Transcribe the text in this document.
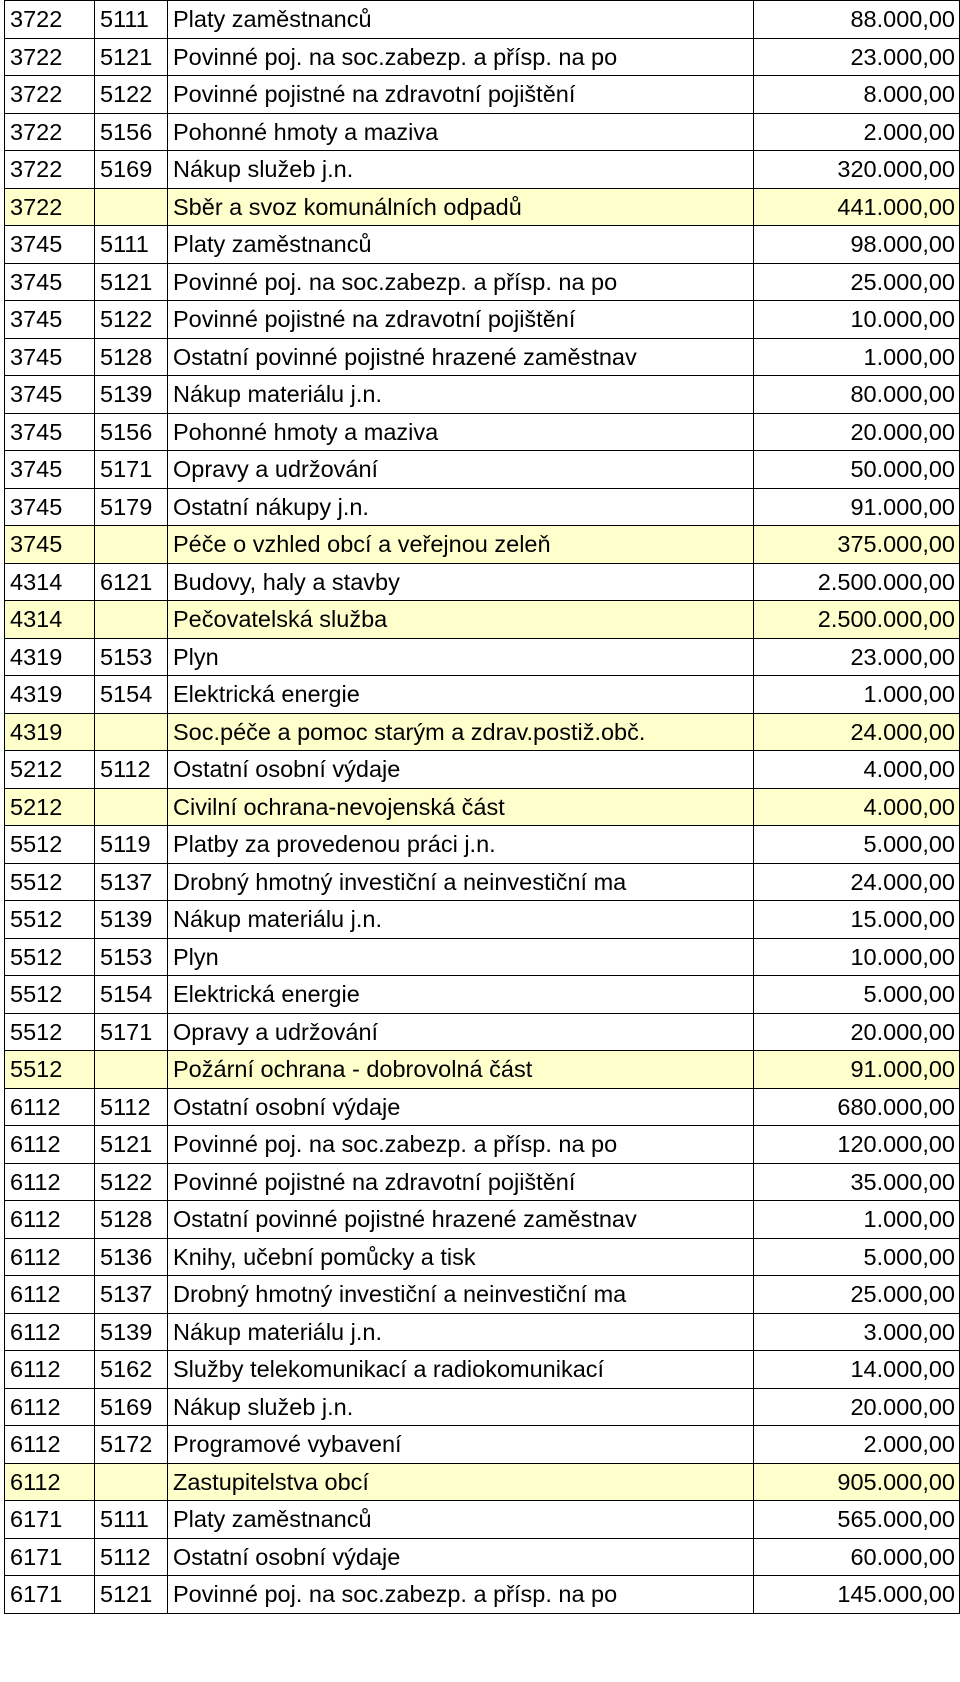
3722	5111	Platy zaměstnanců	88.000,00
3722	5121	Povinné poj. na soc.zabezp. a přísp. na po	23.000,00
3722	5122	Povinné pojistné na zdravotní pojištění	8.000,00
3722	5156	Pohonné hmoty a maziva	2.000,00
3722	5169	Nákup služeb j.n.	320.000,00
3722		Sběr a svoz komunálních odpadů	441.000,00
3745	5111	Platy zaměstnanců	98.000,00
3745	5121	Povinné poj. na soc.zabezp. a přísp. na po	25.000,00
3745	5122	Povinné pojistné na zdravotní pojištění	10.000,00
3745	5128	Ostatní povinné pojistné hrazené zaměstnav	1.000,00
3745	5139	Nákup materiálu j.n.	80.000,00
3745	5156	Pohonné hmoty a maziva	20.000,00
3745	5171	Opravy a udržování	50.000,00
3745	5179	Ostatní nákupy j.n.	91.000,00
3745		Péče o vzhled obcí a veřejnou zeleň	375.000,00
4314	6121	Budovy, haly a stavby	2.500.000,00
4314		Pečovatelská služba	2.500.000,00
4319	5153	Plyn	23.000,00
4319	5154	Elektrická energie	1.000,00
4319		Soc.péče a pomoc starým a zdrav.postiž.obč.	24.000,00
5212	5112	Ostatní osobní výdaje	4.000,00
5212		Civilní ochrana-nevojenská část	4.000,00
5512	5119	Platby za provedenou práci j.n.	5.000,00
5512	5137	Drobný hmotný investiční a neinvestiční ma	24.000,00
5512	5139	Nákup materiálu j.n.	15.000,00
5512	5153	Plyn	10.000,00
5512	5154	Elektrická energie	5.000,00
5512	5171	Opravy a udržování	20.000,00
5512		Požární ochrana - dobrovolná část	91.000,00
6112	5112	Ostatní osobní výdaje	680.000,00
6112	5121	Povinné poj. na soc.zabezp. a přísp. na po	120.000,00
6112	5122	Povinné pojistné na zdravotní pojištění	35.000,00
6112	5128	Ostatní povinné pojistné hrazené zaměstnav	1.000,00
6112	5136	Knihy, učební pomůcky a tisk	5.000,00
6112	5137	Drobný hmotný investiční a neinvestiční ma	25.000,00
6112	5139	Nákup materiálu j.n.	3.000,00
6112	5162	Služby telekomunikací a radiokomunikací	14.000,00
6112	5169	Nákup služeb j.n.	20.000,00
6112	5172	Programové vybavení	2.000,00
6112		Zastupitelstva obcí	905.000,00
6171	5111	Platy zaměstnanců	565.000,00
6171	5112	Ostatní osobní výdaje	60.000,00
6171	5121	Povinné poj. na soc.zabezp. a přísp. na po	145.000,00
